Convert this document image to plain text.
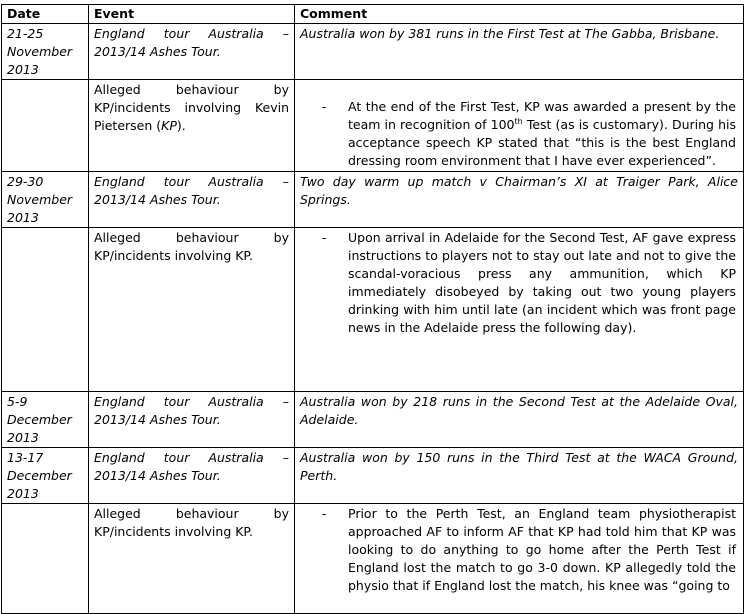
Date	Event	Comment
21-25 November 2013	England tour Australia – 2013/14 Ashes Tour.	Australia won by 381 runs in the First Test at The Gabba, Brisbane.
	Alleged behaviour by KP/incidents involving Kevin Pietersen (KP).	- At the end of the First Test, KP was awarded a present by the team in recognition of 100th Test (as is customary). During his acceptance speech KP stated that “this is the best England dressing room environment that I have ever experienced”.

29-30 November 2013	England tour Australia – 2013/14 Ashes Tour.	Two day warm up match v Chairman’s XI at Traiger Park, Alice Springs.
	Alleged behaviour by KP/incidents involving KP.	- Upon arrival in Adelaide for the Second Test, AF gave express instructions to players not to stay out late and not to give the scandal-voracious press any ammunition, which KP immediately disobeyed by taking out two young players drinking with him until late (an incident which was front page news in the Adelaide press the following day).

5-9 December 2013	England tour Australia – 2013/14 Ashes Tour.	Australia won by 218 runs in the Second Test at the Adelaide Oval, Adelaide.
13-17 December 2013	England tour Australia – 2013/14 Ashes Tour.	Australia won by 150 runs in the Third Test at the WACA Ground, Perth.
	Alleged behaviour by KP/incidents involving KP.	- Prior to the Perth Test, an England team physiotherapist approached AF to inform AF that KP had told him that KP was looking to do anything to go home after the Perth Test if England lost the match to go 3-0 down. KP allegedly told the physio that if England lost the match, his knee was “going to
